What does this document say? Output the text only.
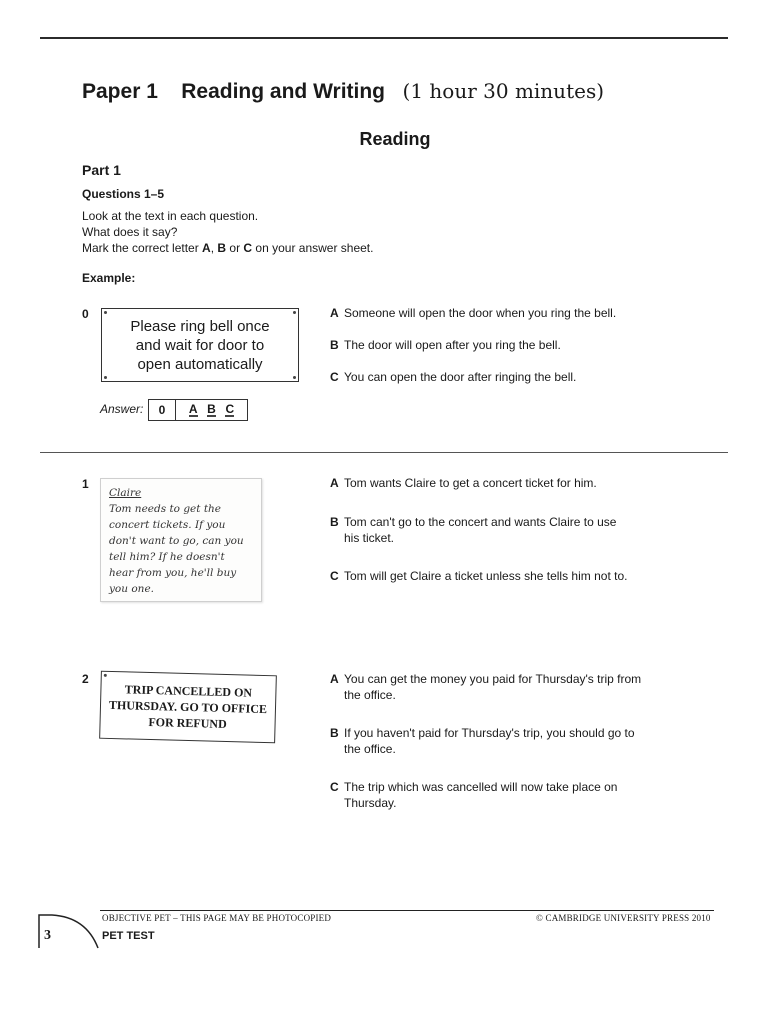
Paper 1 Reading and Writing (1 hour 30 minutes)
Reading
Part 1
Questions 1–5
Look at the text in each question.
What does it say?
Mark the correct letter A, B or C on your answer sheet.
Example:
0
Please ring bell once
and wait for door to
open automatically
A Someone will open the door when you ring the bell.
B The door will open after you ring the bell.
C You can open the door after ringing the bell.
Answer:	0	A B C
1
Claire
Tom needs to get the
concert tickets. If you
don't want to go, can you
tell him? If he doesn't
hear from you, he'll buy
you one.
A Tom wants Claire to get a concert ticket for him.
B Tom can't go to the concert and wants Claire to use
his ticket.
C Tom will get Claire a ticket unless she tells him not to.
2
TRIP CANCELLED ON
THURSDAY. GO TO OFFICE
FOR REFUND
A You can get the money you paid for Thursday's trip from
the office.
B If you haven't paid for Thursday's trip, you should go to
the office.
C The trip which was cancelled will now take place on
Thursday.
OBJECTIVE PET – THIS PAGE MAY BE PHOTOCOPIED	© CAMBRIDGE UNIVERSITY PRESS 2010
PET TEST
3
